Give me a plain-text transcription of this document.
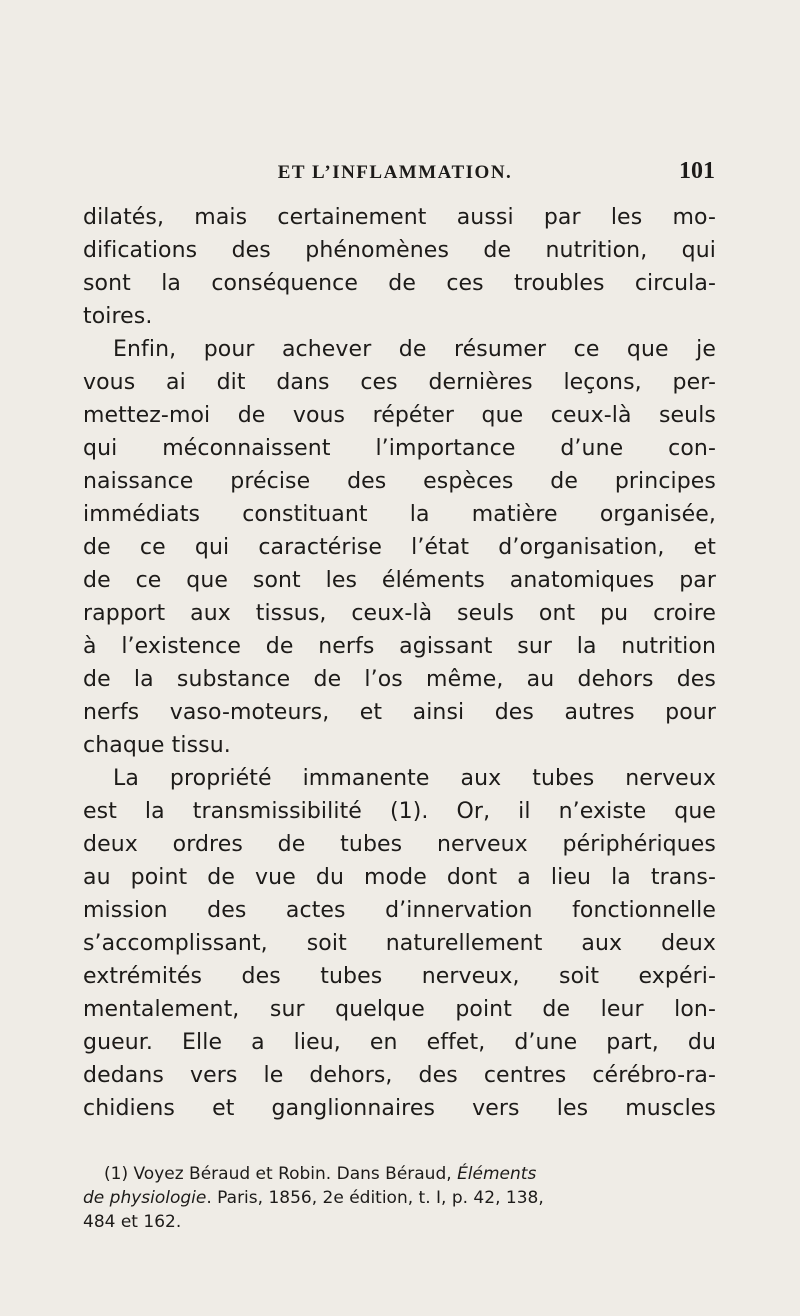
ET L’INFLAMMATION.	101
dilatés, mais certainement aussi par les mo-
difications des phénomènes de nutrition, qui
sont la conséquence de ces troubles circula-
toires.
Enfin, pour achever de résumer ce que je
vous ai dit dans ces dernières leçons, per-
mettez-moi de vous répéter que ceux-là seuls
qui méconnaissent l’importance d’une con-
naissance précise des espèces de principes
immédiats constituant la matière organisée,
de ce qui caractérise l’état d’organisation, et
de ce que sont les éléments anatomiques par
rapport aux tissus, ceux-là seuls ont pu croire
à l’existence de nerfs agissant sur la nutrition
de la substance de l’os même, au dehors des
nerfs vaso-moteurs, et ainsi des autres pour
chaque tissu.
La propriété immanente aux tubes nerveux
est la transmissibilité (1). Or, il n’existe que
deux ordres de tubes nerveux périphériques
au point de vue du mode dont a lieu la trans-
mission des actes d’innervation fonctionnelle
s’accomplissant, soit naturellement aux deux
extrémités des tubes nerveux, soit expéri-
mentalement, sur quelque point de leur lon-
gueur. Elle a lieu, en effet, d’une part, du
dedans vers le dehors, des centres cérébro-ra-
chidiens et ganglionnaires vers les muscles
(1) Voyez Béraud et Robin. Dans Béraud, Éléments
de physiologie. Paris, 1856, 2e édition, t. I, p. 42, 138,
484 et 162.
